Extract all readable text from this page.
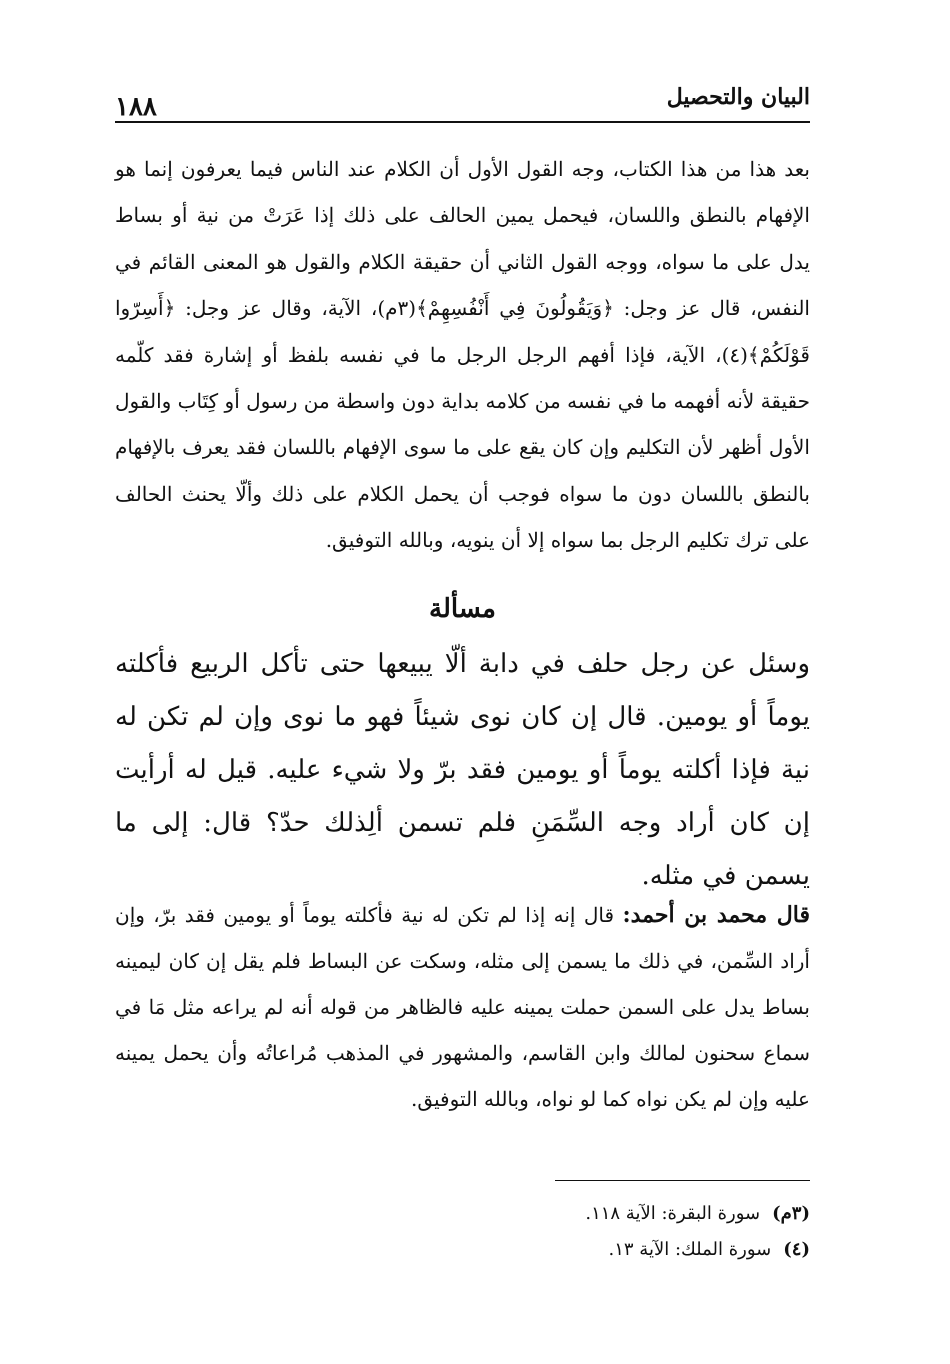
البيان والتحصيل
١٨٨

بعد هذا من هذا الكتاب، وجه القول الأول أن الكلام عند الناس فيما يعرفون إنما هو الإفهام بالنطق واللسان، فيحمل يمين الحالف على ذلك إذا عَرَتْ من نية أو بساط يدل على ما سواه، ووجه القول الثاني أن حقيقة الكلام والقول هو المعنى القائم في النفس، قال عز وجل: ﴿وَيَقُولُونَ فِي أَنْفُسِهِمْ﴾(٣م)، الآية، وقال عز وجل: ﴿أَسِرّوا قَوْلَكُمْ﴾(٤)، الآية، فإذا أفهم الرجل الرجل ما في نفسه بلفظ أو إشارة فقد كلّمه حقيقة لأنه أفهمه ما في نفسه من كلامه بداية دون واسطة من رسول أو كِتَاب والقول الأول أظهر لأن التكليم وإن كان يقع على ما سوى الإفهام باللسان فقد يعرف بالإفهام بالنطق باللسان دون ما سواه فوجب أن يحمل الكلام على ذلك وألّا يحنث الحالف على ترك تكليم الرجل بما سواه إلا أن ينويه، وبالله التوفيق.

مسألة

وسئل عن رجل حلف في دابة ألّا يبيعها حتى تأكل الربيع فأكلته يوماً أو يومين. قال إن كان نوى شيئاً فهو ما نوى وإن لم تكن له نية فإذا أكلته يوماً أو يومين فقد برّ ولا شيء عليه. قيل له أرأيت إن كان أراد وجه السِّمَنِ فلم تسمن ألِذلك حدّ؟ قال: إلى ما يسمن في مثله.

قال محمد بن أحمد: قال إنه إذا لم تكن له نية فأكلته يوماً أو يومين فقد برّ، وإن أراد السِّمن، في ذلك ما يسمن إلى مثله، وسكت عن البساط فلم يقل إن كان ليمينه بساط يدل على السمن حملت يمينه عليه فالظاهر من قوله أنه لم يراعه مثل مَا في سماع سحنون لمالك وابن القاسم، والمشهور في المذهب مُراعاتُه وأن يحمل يمينه عليه وإن لم يكن نواه كما لو نواه، وبالله التوفيق.

(٣م)سورة البقرة: الآية ١١٨.
(٤)سورة الملك: الآية ١٣.
